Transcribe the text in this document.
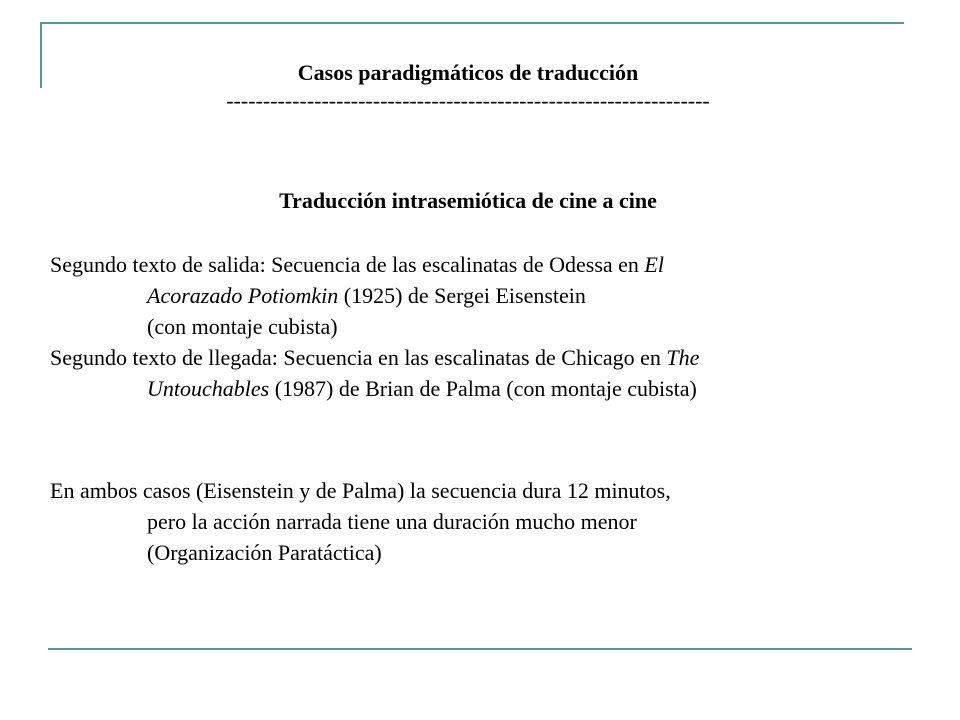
Casos paradigmáticos de traducción
------------------------------------------------------------------
Traducción intrasemiótica de cine a cine
Segundo texto de salida: Secuencia de las escalinatas de Odessa en El
Acorazado Potiomkin (1925) de Sergei Eisenstein
(con montaje cubista)
Segundo texto de llegada: Secuencia en las escalinatas de Chicago en The
Untouchables (1987) de Brian de Palma (con montaje cubista)
En ambos casos (Eisenstein y de Palma) la secuencia dura 12 minutos,
pero la acción narrada tiene una duración mucho menor
(Organización Paratáctica)
